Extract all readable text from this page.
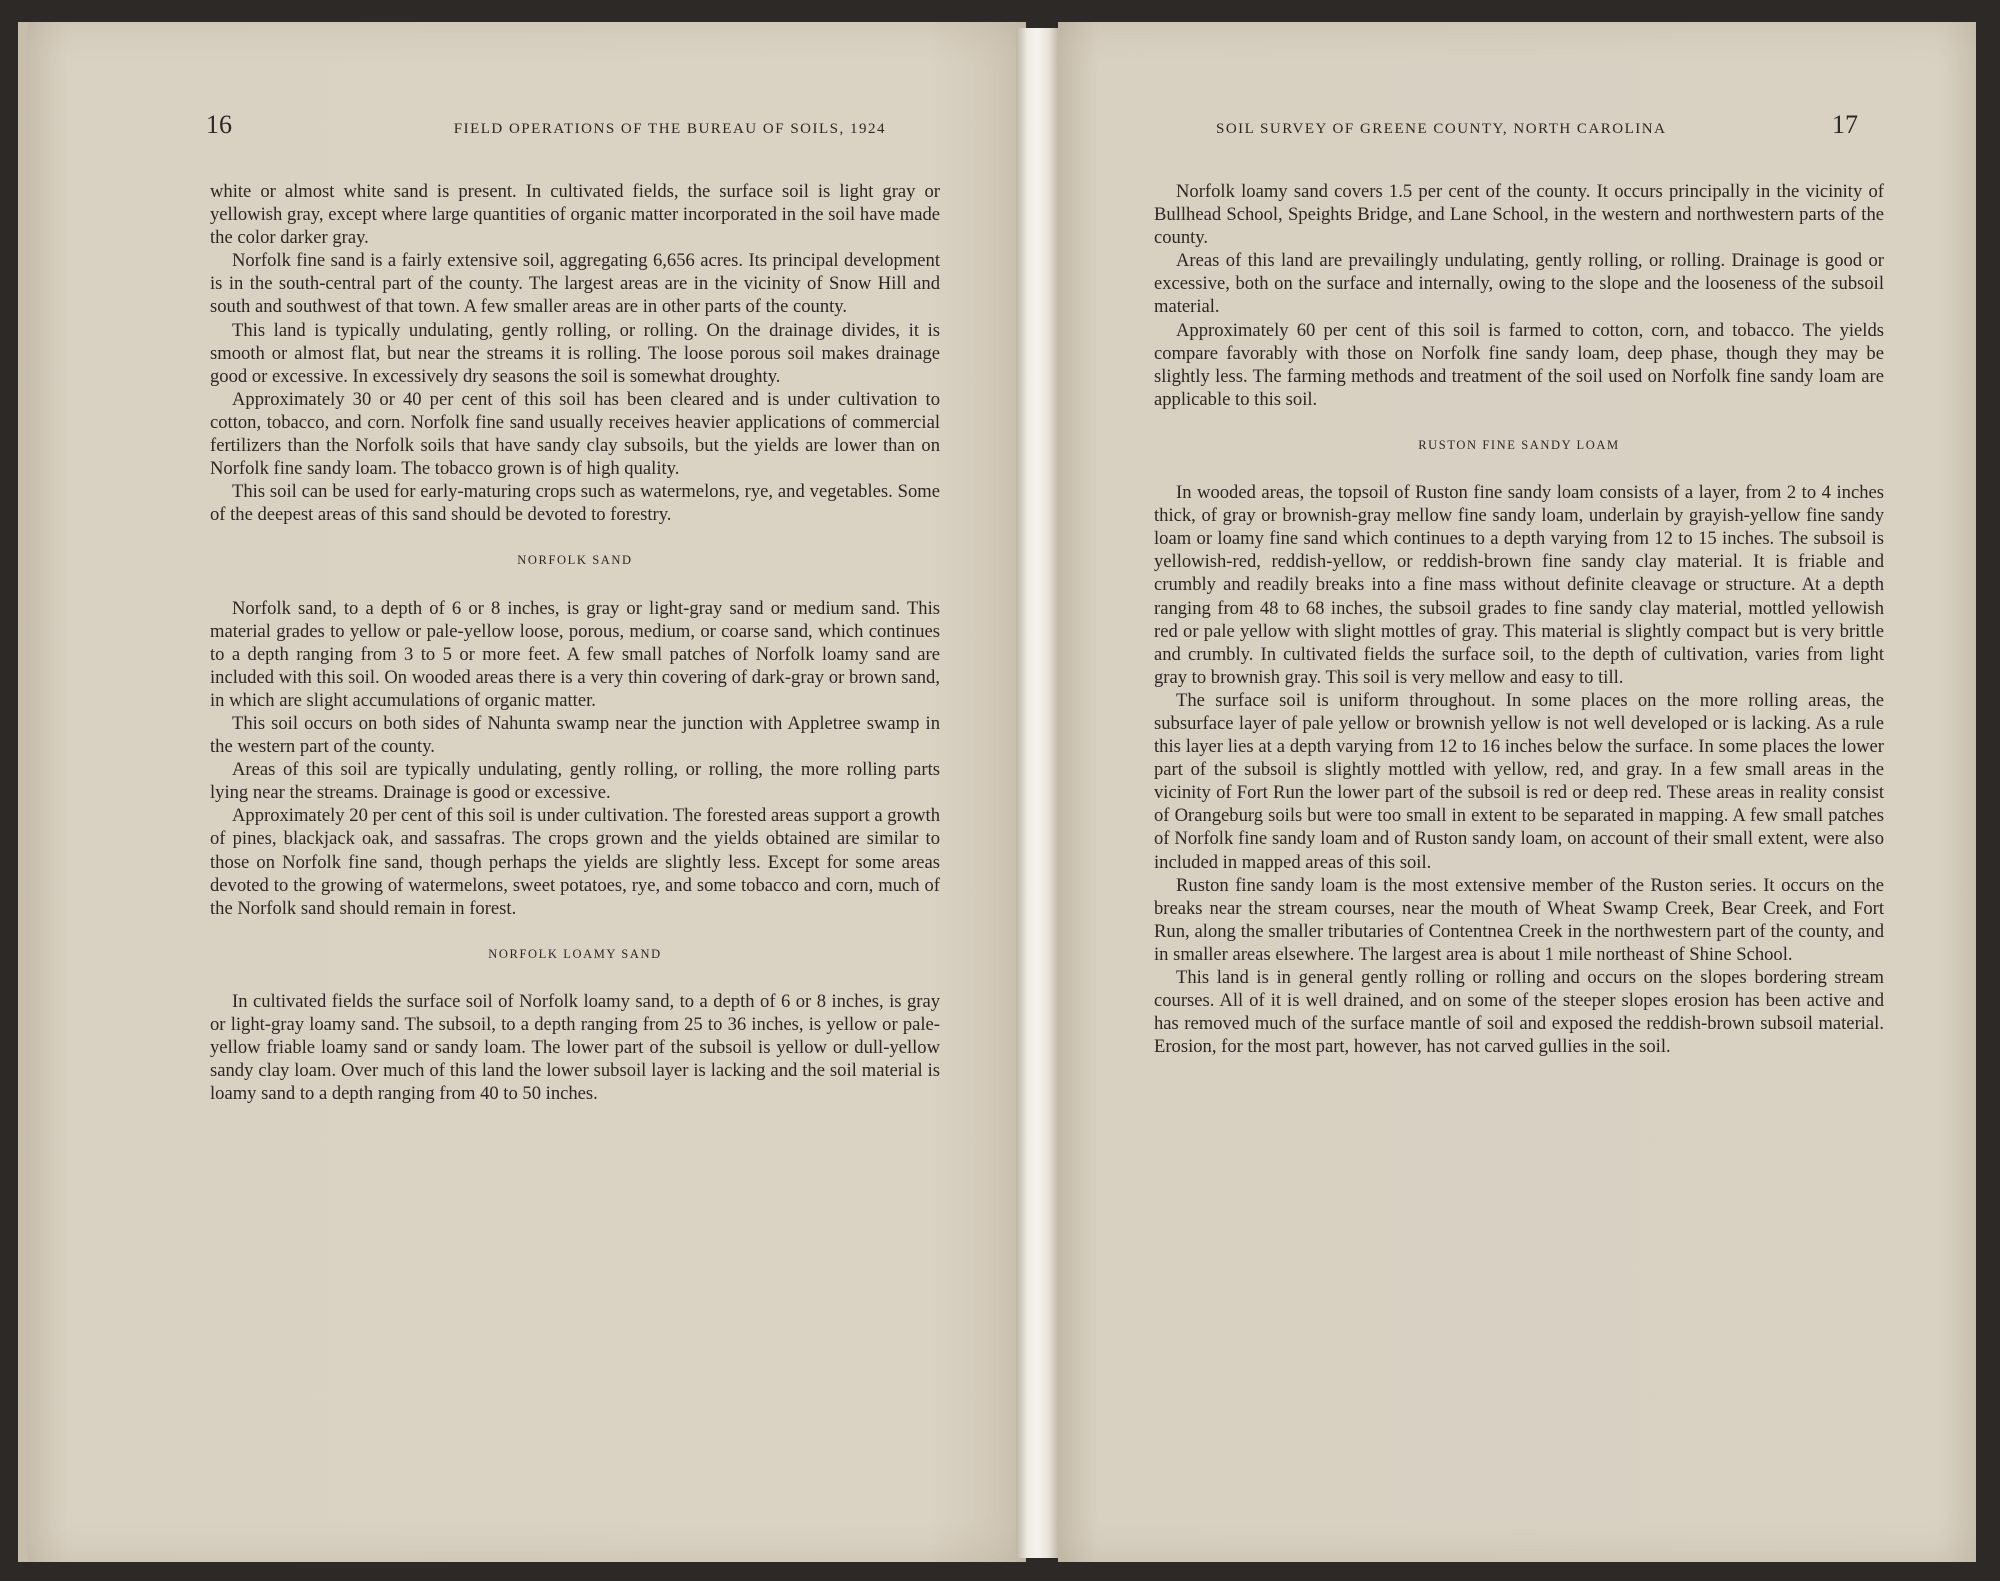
16	FIELD OPERATIONS OF THE BUREAU OF SOILS, 1924

white or almost white sand is present. In cultivated fields, the surface soil is light gray or yellowish gray, except where large quantities of organic matter incorporated in the soil have made the color darker gray.

Norfolk fine sand is a fairly extensive soil, aggregating 6,656 acres. Its principal development is in the south-central part of the county. The largest areas are in the vicinity of Snow Hill and south and southwest of that town. A few smaller areas are in other parts of the county.

This land is typically undulating, gently rolling, or rolling. On the drainage divides, it is smooth or almost flat, but near the streams it is rolling. The loose porous soil makes drainage good or excessive. In excessively dry seasons the soil is somewhat droughty.

Approximately 30 or 40 per cent of this soil has been cleared and is under cultivation to cotton, tobacco, and corn. Norfolk fine sand usually receives heavier applications of commercial fertilizers than the Norfolk soils that have sandy clay subsoils, but the yields are lower than on Norfolk fine sandy loam. The tobacco grown is of high quality.

This soil can be used for early-maturing crops such as watermelons, rye, and vegetables. Some of the deepest areas of this sand should be devoted to forestry.

NORFOLK SAND

Norfolk sand, to a depth of 6 or 8 inches, is gray or light-gray sand or medium sand. This material grades to yellow or pale-yellow loose, porous, medium, or coarse sand, which continues to a depth ranging from 3 to 5 or more feet. A few small patches of Norfolk loamy sand are included with this soil. On wooded areas there is a very thin covering of dark-gray or brown sand, in which are slight accumulations of organic matter.

This soil occurs on both sides of Nahunta swamp near the junction with Appletree swamp in the western part of the county.

Areas of this soil are typically undulating, gently rolling, or rolling, the more rolling parts lying near the streams. Drainage is good or excessive.

Approximately 20 per cent of this soil is under cultivation. The forested areas support a growth of pines, blackjack oak, and sassafras. The crops grown and the yields obtained are similar to those on Norfolk fine sand, though perhaps the yields are slightly less. Except for some areas devoted to the growing of watermelons, sweet potatoes, rye, and some tobacco and corn, much of the Norfolk sand should remain in forest.

NORFOLK LOAMY SAND

In cultivated fields the surface soil of Norfolk loamy sand, to a depth of 6 or 8 inches, is gray or light-gray loamy sand. The subsoil, to a depth ranging from 25 to 36 inches, is yellow or pale-yellow friable loamy sand or sandy loam. The lower part of the subsoil is yellow or dull-yellow sandy clay loam. Over much of this land the lower subsoil layer is lacking and the soil material is loamy sand to a depth ranging from 40 to 50 inches.

SOIL SURVEY OF GREENE COUNTY, NORTH CAROLINA	17

Norfolk loamy sand covers 1.5 per cent of the county. It occurs principally in the vicinity of Bullhead School, Speights Bridge, and Lane School, in the western and northwestern parts of the county.

Areas of this land are prevailingly undulating, gently rolling, or rolling. Drainage is good or excessive, both on the surface and internally, owing to the slope and the looseness of the subsoil material.

Approximately 60 per cent of this soil is farmed to cotton, corn, and tobacco. The yields compare favorably with those on Norfolk fine sandy loam, deep phase, though they may be slightly less. The farming methods and treatment of the soil used on Norfolk fine sandy loam are applicable to this soil.

RUSTON FINE SANDY LOAM

In wooded areas, the topsoil of Ruston fine sandy loam consists of a layer, from 2 to 4 inches thick, of gray or brownish-gray mellow fine sandy loam, underlain by grayish-yellow fine sandy loam or loamy fine sand which continues to a depth varying from 12 to 15 inches. The subsoil is yellowish-red, reddish-yellow, or reddish-brown fine sandy clay material. It is friable and crumbly and readily breaks into a fine mass without definite cleavage or structure. At a depth ranging from 48 to 68 inches, the subsoil grades to fine sandy clay material, mottled yellowish red or pale yellow with slight mottles of gray. This material is slightly compact but is very brittle and crumbly. In cultivated fields the surface soil, to the depth of cultivation, varies from light gray to brownish gray. This soil is very mellow and easy to till.

The surface soil is uniform throughout. In some places on the more rolling areas, the subsurface layer of pale yellow or brownish yellow is not well developed or is lacking. As a rule this layer lies at a depth varying from 12 to 16 inches below the surface. In some places the lower part of the subsoil is slightly mottled with yellow, red, and gray. In a few small areas in the vicinity of Fort Run the lower part of the subsoil is red or deep red. These areas in reality consist of Orangeburg soils but were too small in extent to be separated in mapping. A few small patches of Norfolk fine sandy loam and of Ruston sandy loam, on account of their small extent, were also included in mapped areas of this soil.

Ruston fine sandy loam is the most extensive member of the Ruston series. It occurs on the breaks near the stream courses, near the mouth of Wheat Swamp Creek, Bear Creek, and Fort Run, along the smaller tributaries of Contentnea Creek in the northwestern part of the county, and in smaller areas elsewhere. The largest area is about 1 mile northeast of Shine School.

This land is in general gently rolling or rolling and occurs on the slopes bordering stream courses. All of it is well drained, and on some of the steeper slopes erosion has been active and has removed much of the surface mantle of soil and exposed the reddish-brown subsoil material. Erosion, for the most part, however, has not carved gullies in the soil.
